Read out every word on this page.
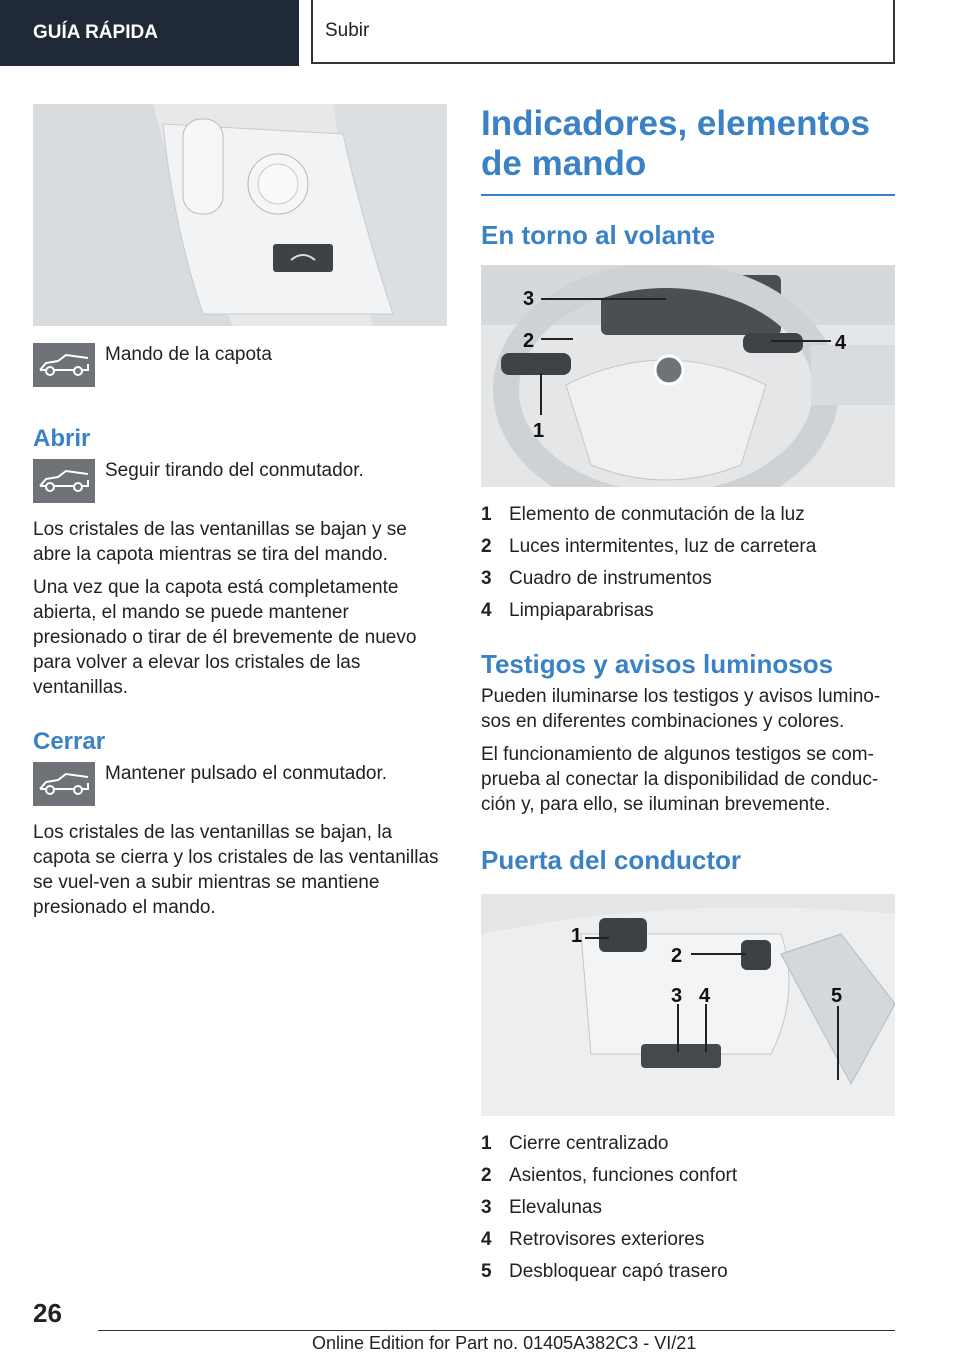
GUÍA RÁPIDA	Subir
Mando de la capota
Abrir
Seguir tirando del conmutador.

Los cristales de las ventanillas se bajan y se abre la capota mientras se tira del mando.

Una vez que la capota está completamente abierta, el mando se puede mantener presionado o tirar de él brevemente de nuevo para volver a elevar los cristales de las ventanillas.

Cerrar
Mantener pulsado el conmutador.

Los cristales de las ventanillas se bajan, la capota se cierra y los cristales de las ventanillas se vuel-ven a subir mientras se mantiene presionado el mando.

Indicadores, elementos de mando
En torno al volante
3
2
1
4
1 Elemento de conmutación de la luz
2 Luces intermitentes, luz de carretera
3 Cuadro de instrumentos
4 Limpiaparabrisas
Testigos y avisos luminosos

Pueden iluminarse los testigos y avisos lumino-sos en diferentes combinaciones y colores.

El funcionamiento de algunos testigos se com-prueba al conectar la disponibilidad de conduc-ción y, para ello, se iluminan brevemente.

Puerta del conductor
1
2
3 4	5
1 Cierre centralizado
2 Asientos, funciones confort
3 Elevalunas
4 Retrovisores exteriores
5 Desbloquear capó trasero
26
Online Edition for Part no. 01405A382C3 - VI/21
